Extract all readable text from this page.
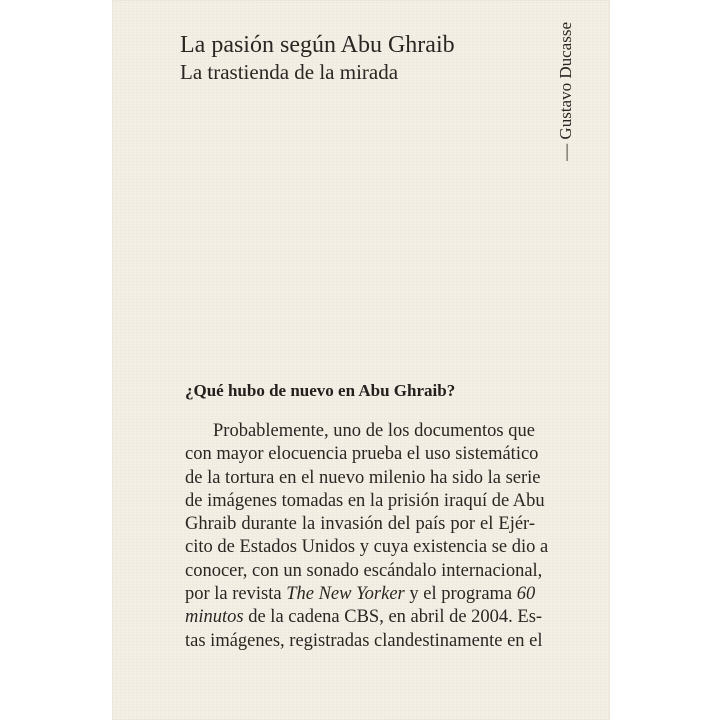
La pasión según Abu Ghraib
La trastienda de la mirada	— Gustavo Ducasse
¿Qué hubo de nuevo en Abu Ghraib?
Probablemente, uno de los documentos que
con mayor elocuencia prueba el uso sistemático
de la tortura en el nuevo milenio ha sido la serie
de imágenes tomadas en la prisión iraquí de Abu
Ghraib durante la invasión del país por el Ejér-
cito de Estados Unidos y cuya existencia se dio a
conocer, con un sonado escándalo internacional,
por la revista The New Yorker y el programa 60
minutos de la cadena CBS, en abril de 2004. Es-
tas imágenes, registradas clandestinamente en el
